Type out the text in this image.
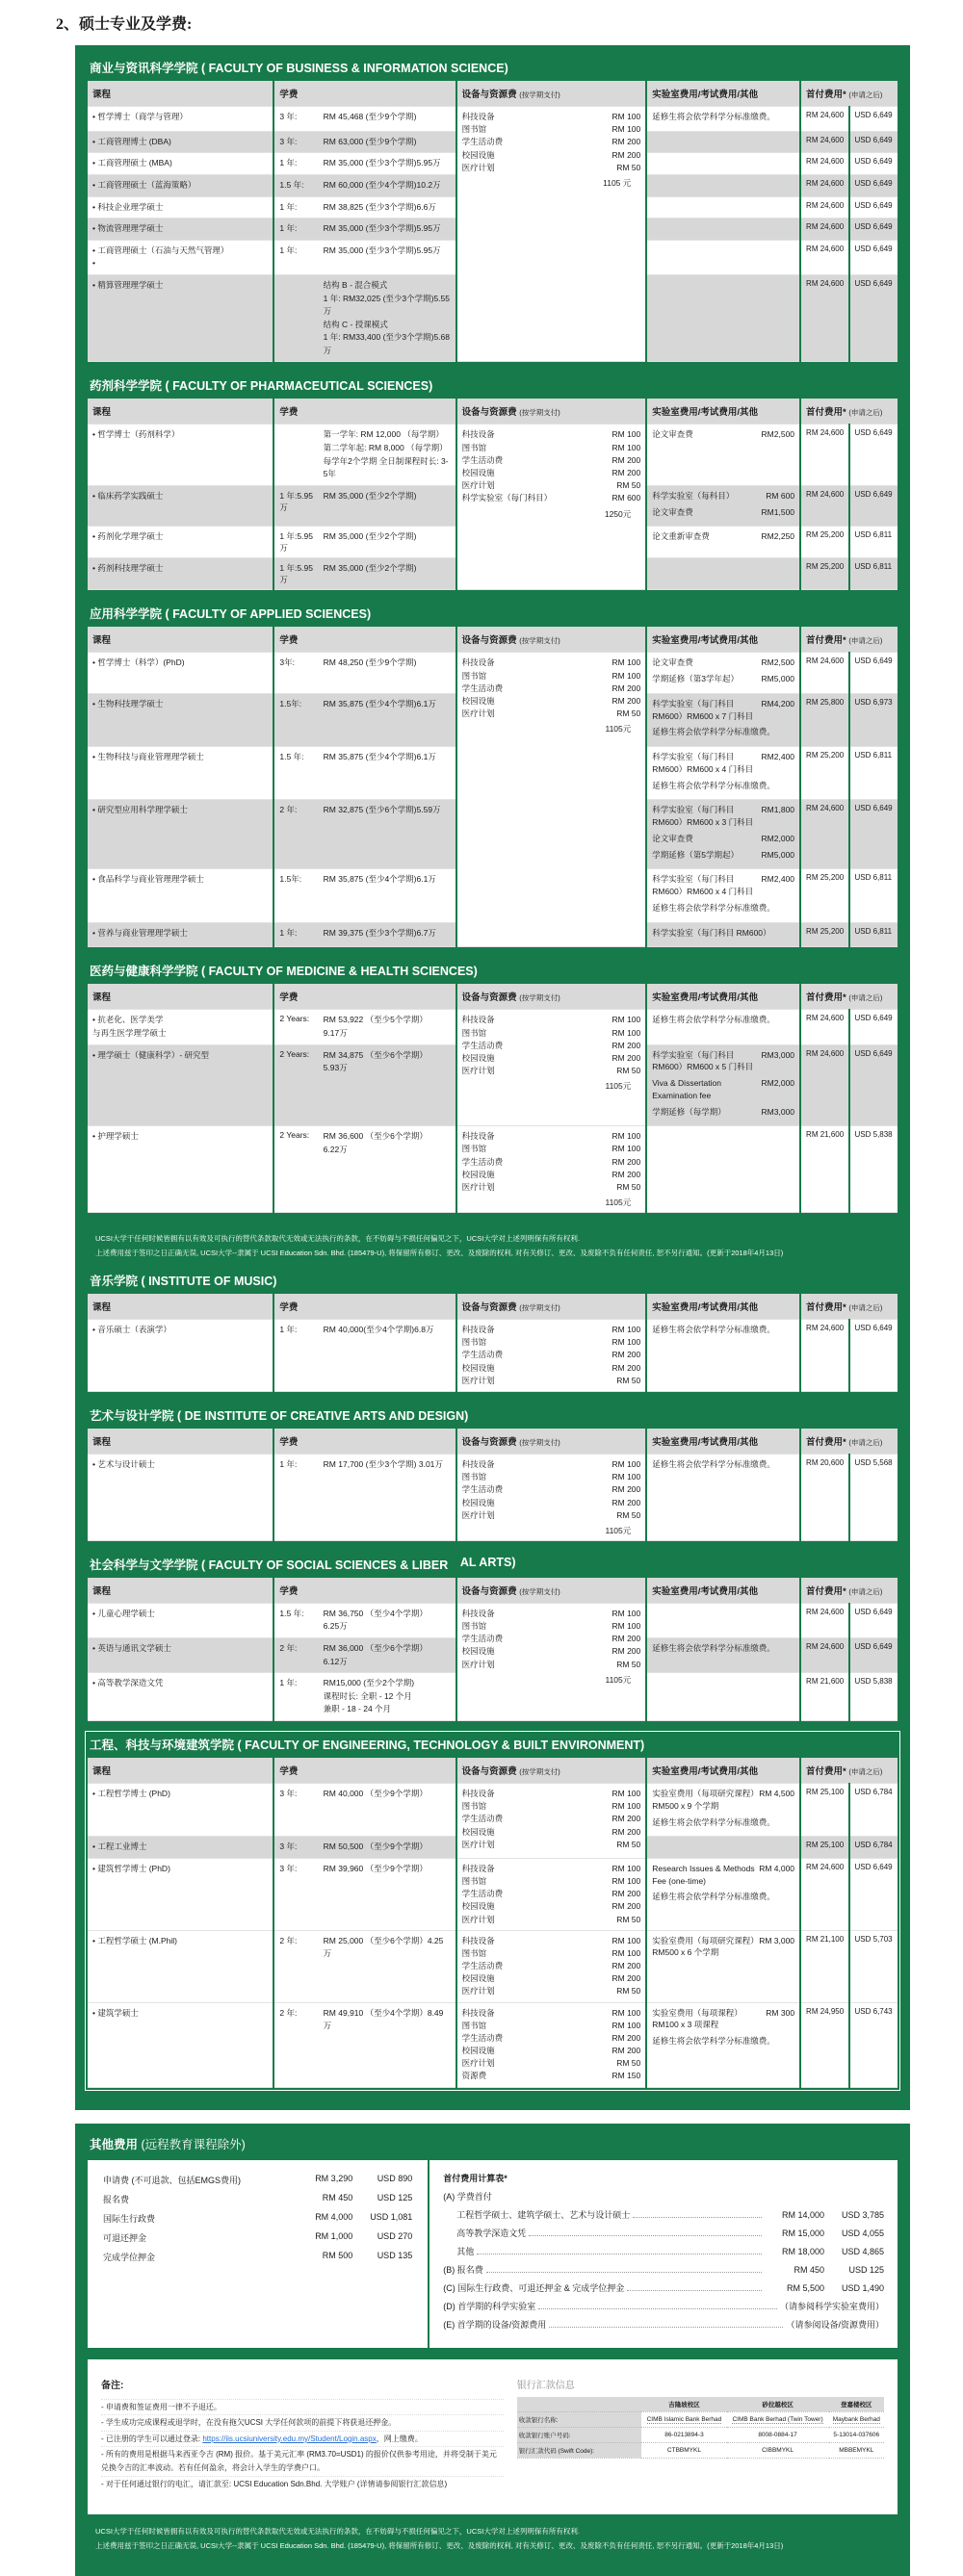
2、硕士专业及学费:
商业与资讯科学学院 ( FACULTY OF BUSINESS & INFORMATION SCIENCE)
课程	学费		设备与资源费 (按学期支付)	实验室费用/考试费用/其他	首付费用* (申请之后)	

• 哲学博士（商学与管理）	3 年:	RM 45,468 (至少9个学期)	科技设备	RM 100
图书馆	RM 100
学生活动费	RM 200
校园设施	RM 200
医疗计划	RM 50
1105 元

延修生将会依学科学分标准缴费。	RM 24,600	USD 6,649

• 工商管理博士 (DBA)	3 年:	RM 63,000 (至少9个学期)			RM 24,600	USD 6,649

• 工商管理硕士 (MBA)	1 年:	RM 35,000 (至少3个学期)5.95万			RM 24,600	USD 6,649

• 工商管理硕士（蓝海策略）	1.5 年:	RM 60,000 (至少4个学期)10.2万			RM 24,600	USD 6,649

• 科技企业理学硕士	1 年:	RM 38,825 (至少3个学期)6.6万			RM 24,600	USD 6,649

• 物流管理理学硕士	1 年:	RM 35,000 (至少3个学期)5.95万			RM 24,600	USD 6,649

• 工商管理硕士（石油与天然气管理）
•	1 年:	RM 35,000 (至少3个学期)5.95万			RM 24,600	USD 6,649

• 精算管理理学硕士		结构 B - 混合模式
1 年: RM32,025 (至少3个学期)5.55万
结构 C - 授课模式
1 年: RM33,400 (至少3个学期)5.68万			RM 24,600	USD 6,649
药剂科学学院 ( FACULTY OF PHARMACEUTICAL SCIENCES)
课程	学费		设备与资源费 (按学期支付)	实验室费用/考试费用/其他	首付费用* (申请之后)	

• 哲学博士（药剂科学）		第一学年: RM 12,000 （每学期）
第二学年起: RM 8,000 （每学期）
每学年2个学期 全日制课程时长: 3-5年

科技设备	RM 100
图书馆	RM 100
学生活动费	RM 200
校园设施	RM 200
医疗计划	RM 50
科学实验室（每门科目）	RM 600
1250元

论文审查费	RM2,500	RM 24,600	USD 6,649

• 临床药学实践硕士	1 年:5.95万	RM 35,000 (至少2个学期)		科学实验室（每科目） RM 600
论文审查费 RM1,500	RM 24,600	USD 6,649

• 药剂化学理学硕士	1 年:5.95万	RM 35,000 (至少2个学期)		论文重新审查费 RM2,250	RM 25,200	USD 6,811

• 药剂科技理学硕士	1 年:5.95万	RM 35,000 (至少2个学期)			RM 25,200	USD 6,811
应用科学学院 ( FACULTY OF APPLIED SCIENCES)
课程	学费		设备与资源费 (按学期支付)	实验室费用/考试费用/其他	首付费用* (申请之后)	

• 哲学博士（科学）(PhD)	3年:	RM 48,250 (至少9个学期)	科技设备	RM 100
图书馆	RM 100
学生活动费	RM 200
校园设施	RM 200
医疗计划	RM 50
1105元

论文审查费	RM2,500
学期延修（第3学年起）	RM5,000
	RM 24,600	USD 6,649

• 生物科技理学硕士	1.5年:	RM 35,875 (至少4个学期)6.1万		科学实验室（每门科目 RM600）RM600 x 7 门科目
RM4,200
延修生将会依学科学分标准缴费。	RM 25,800	USD 6,973

• 生物科技与商业管理理学硕士	1.5 年:	RM 35,875 (至少4个学期)6.1万		科学实验室（每门科目 RM600）RM600 x 4 门科目
RM2,400
延修生将会依学科学分标准缴费。	RM 25,200	USD 6,811

• 研究型应用科学理学硕士	2 年:	RM 32,875 (至少6个学期)5.59万	科学实验室（每门科目 RM600）RM600 x 3 门科目
RM1,800
论文审查费	RM2,000
学期延修（第5学期起）	RM5,000
	RM 24,600	USD 6,649

• 食品科学与商业管理理学硕士	1.5年:	RM 35,875 (至少4个学期)6.1万		科学实验室（每门科目 RM600）RM600 x 4 门科目
RM2,400
延修生将会依学科学分标准缴费。	RM 25,200	USD 6,811

• 营养与商业管理理学硕士	1 年:	RM 39,375 (至少3个学期)6.7万		科学实验室（每门科目 RM600）	RM 25,200	USD 6,811
医药与健康科学学院 ( FACULTY OF MEDICINE & HEALTH SCIENCES)
课程	学费		设备与资源费 (按学期支付)	实验室费用/考试费用/其他	首付费用* (申请之后)	

• 抗老化、医学美学
与再生医学理学硕士
	2 Years:	RM 53,922 （至少5个学期）
9.17万

科技设备	RM 100
图书馆	RM 100
学生活动费	RM 200
校园设施	RM 200
医疗计划	RM 50
1105元

延修生将会依学科学分标准缴费。	RM 24,600	USD 6,649

• 理学硕士（健康科学）- 研究型	2 Years:	RM 34,875 （至少6个学期）
5.93万

科学实验室（每门科目 RM600）RM600 x 5 门科目
RM3,000
Viva & Dissertation Examination fee
RM2,000
学期延修（每学期）	RM3,000
	RM 24,600	USD 6,649

• 护理学硕士	2 Years:	RM 36,600 （至少6个学期）
6.22万

科技设备	RM 100
图书馆	RM 100
学生活动费	RM 200
校园设施	RM 200
医疗计划	RM 50
1105元
		RM 21,600	USD 5,838
UCSI大学于任何时候皆拥有以有效及可执行的替代条款取代无效或无法执行的条款，在不妨碍与不损任何偏见之下，UCSI大学对上述列明保有所有权利.
上述费用兹于签印之日正确无误, UCSI大学--隶属于 UCSI Education Sdn. Bhd. (185479-U), 将保留所有修订、更改、及废除的权利, 对有关修订、更改、及废除不负有任何责任, 恕不另行通知。(更新于2018年4月13日)
音乐学院 ( INSTITUTE OF MUSIC)
课程	学费		设备与资源费 (按学期支付)	实验室费用/考试费用/其他	首付费用* (申请之后)	

• 音乐硕士（表演学）	1 年:	RM 40,000(至少4个学期)6.8万	科技设备	RM 100
图书馆	RM 100
学生活动费	RM 200
校园设施	RM 200
医疗计划	RM 50

延修生将会依学科学分标准缴费。	RM 24,600	USD 6,649
艺术与设计学院 ( DE INSTITUTE OF CREATIVE ARTS AND DESIGN)
课程	学费		设备与资源费 (按学期支付)	实验室费用/考试费用/其他	首付费用* (申请之后)	

• 艺术与设计硕士	1 年:	RM 17,700 (至少3个学期) 3.01万	科技设备	RM 100
图书馆	RM 100
学生活动费	RM 200
校园设施	RM 200
医疗计划	RM 50
1105元

延修生将会依学科学分标准缴费。	RM 20,600	USD 5,568
社会科学与文学学院 ( FACULTY OF SOCIAL SCIENCES & LIBER AL ARTS)
课程	学费		设备与资源费 (按学期支付)	实验室费用/考试费用/其他	首付费用* (申请之后)	

• 儿童心理学硕士	1.5 年:	RM 36,750 （至少4个学期）
6.25万

科技设备	RM 100
图书馆	RM 100
学生活动费	RM 200
校园设施	RM 200
医疗计划	RM 50
1105元
		RM 24,600	USD 6,649

• 英语与通讯文学硕士	2 年:	RM 36,000 （至少6个学期）
6.12万		延修生将会依学科学分标准缴费。	RM 24,600	USD 6,649

• 高等教学深造文凭	1 年:	RM15,000 (至少2个学期)
课程时长: 全职 - 12 个月
兼职 - 18 - 24 个月			RM 21,600	USD 5,838
工程、科技与环境建筑学院 ( FACULTY OF ENGINEERING, TECHNOLOGY & BUILT ENVIRONMENT)
课程	学费		设备与资源费 (按学期支付)	实验室费用/考试费用/其他	首付费用* (申请之后)	

• 工程哲学博士 (PhD)	3 年:	RM 40,000 （至少9个学期）	科技设备	RM 100
图书馆	RM 100
学生活动费	RM 200
校园设施	RM 200
医疗计划	RM 50

实验室费用（每项研究课程）RM500 x 9 个学期
RM 4,500
延修生将会依学科学分标准缴费。
	RM 25,100	USD 6,784

• 工程工业博士	3 年:	RM 50,500 （至少9个学期）			RM 25,100	USD 6,784

• 建筑哲学博士 (PhD)	3 年:	RM 39,960 （至少9个学期）	科技设备	RM 100
图书馆	RM 100
学生活动费	RM 200
校园设施	RM 200
医疗计划	RM 50

Research Issues & Methods Fee (one-time)
RM 4,000
延修生将会依学科学分标准缴费。
	RM 24,600	USD 6,649

• 工程哲学硕士 (M.Phil)	2 年:	RM 25,000 （至少6个学期）4.25万

科技设备	RM 100
图书馆	RM 100
学生活动费	RM 200
校园设施	RM 200
医疗计划	RM 50

实验室费用（每项研究课程）RM500 x 6 个学期
RM 3,000	RM 21,100	USD 5,703

• 建筑学硕士	2 年:	RM 49,910 （至少4个学期）8.49万

科技设备	RM 100
图书馆	RM 100
学生活动费	RM 200
校园设施	RM 200
医疗计划	RM 50
资源费	RM 150

实验室费用（每项课程）RM100 x 3 项课程
RM 300
延修生将会依学科学分标准缴费。
	RM 24,950	USD 6,743
其他费用 (远程教育课程除外)
申请费 (不可退款、包括EMGS费用)	RM 3,290	USD 890
报名费	RM 450	USD 125
国际生行政费	RM 4,000	USD 1,081
可退还押金	RM 1,000	USD 270
完成学位押金	RM 500	USD 135
首付费用计算表*
(A) 学费首付
工程哲学硕士、建筑学硕士、艺术与设计硕士	RM 14,000	USD 3,785
高等教学深造文凭	RM 15,000	USD 4,055
其他	RM 18,000	USD 4,865
(B) 报名费	RM 450	USD 125
(C) 国际生行政费、可退还押金 & 完成学位押金	RM 5,500	USD 1,490
(D) 首学期的科学实验室	（请参阅科学实验室费用）
(E) 首学期的设备/资源费用	（请参阅设备/资源费用）
备注:
- 申请费和签证费用一律不予退还。
- 学生成功完成课程或退学时，在没有拖欠UCSI 大学任何款项的前提下将获退还押金。
- 已注册的学生可以通过登录: https://iis.ucsiuniversity.edu.my/Student/Login.aspx，网上缴费。
- 所有的费用是根据马来西亚令吉 (RM) 报价。基于美元汇率 (RM3.70=USD1) 的报价仅供参考用途，并将受制于美元兑换令吉的汇率波动。若有任何盈余，将会计入学生的学费户口。
- 对于任何通过银行的电汇，请汇款至: UCSI Education Sdn.Bhd. 大学账户 (详情请参阅银行汇款信息)
银行汇款信息
	吉隆坡校区	砂拉越校区	登嘉楼校区
收款银行名称:	CIMB Islamic Bank Berhad	CIMB Bank Berhad (Twin Tower)	Maybank Berhad
收款银行账户号码:	86-0213894-3	8008-0884-17	5-13014-037606
银行汇款代码 (Swift Code):	CTBBMYKL	CIBBMYKL	MBBEMYKL
UCSI大学于任何时候皆拥有以有效及可执行的替代条款取代无效或无法执行的条款，在不妨碍与不损任何偏见之下，UCSI大学对上述列明保有所有权利.
上述费用兹于签印之日正确无误, UCSI大学--隶属于 UCSI Education Sdn. Bhd. (185479-U), 将保留所有修订、更改、及废除的权利, 对有关修订、更改、及废除不负有任何责任, 恕不另行通知。(更新于2018年4月13日)
